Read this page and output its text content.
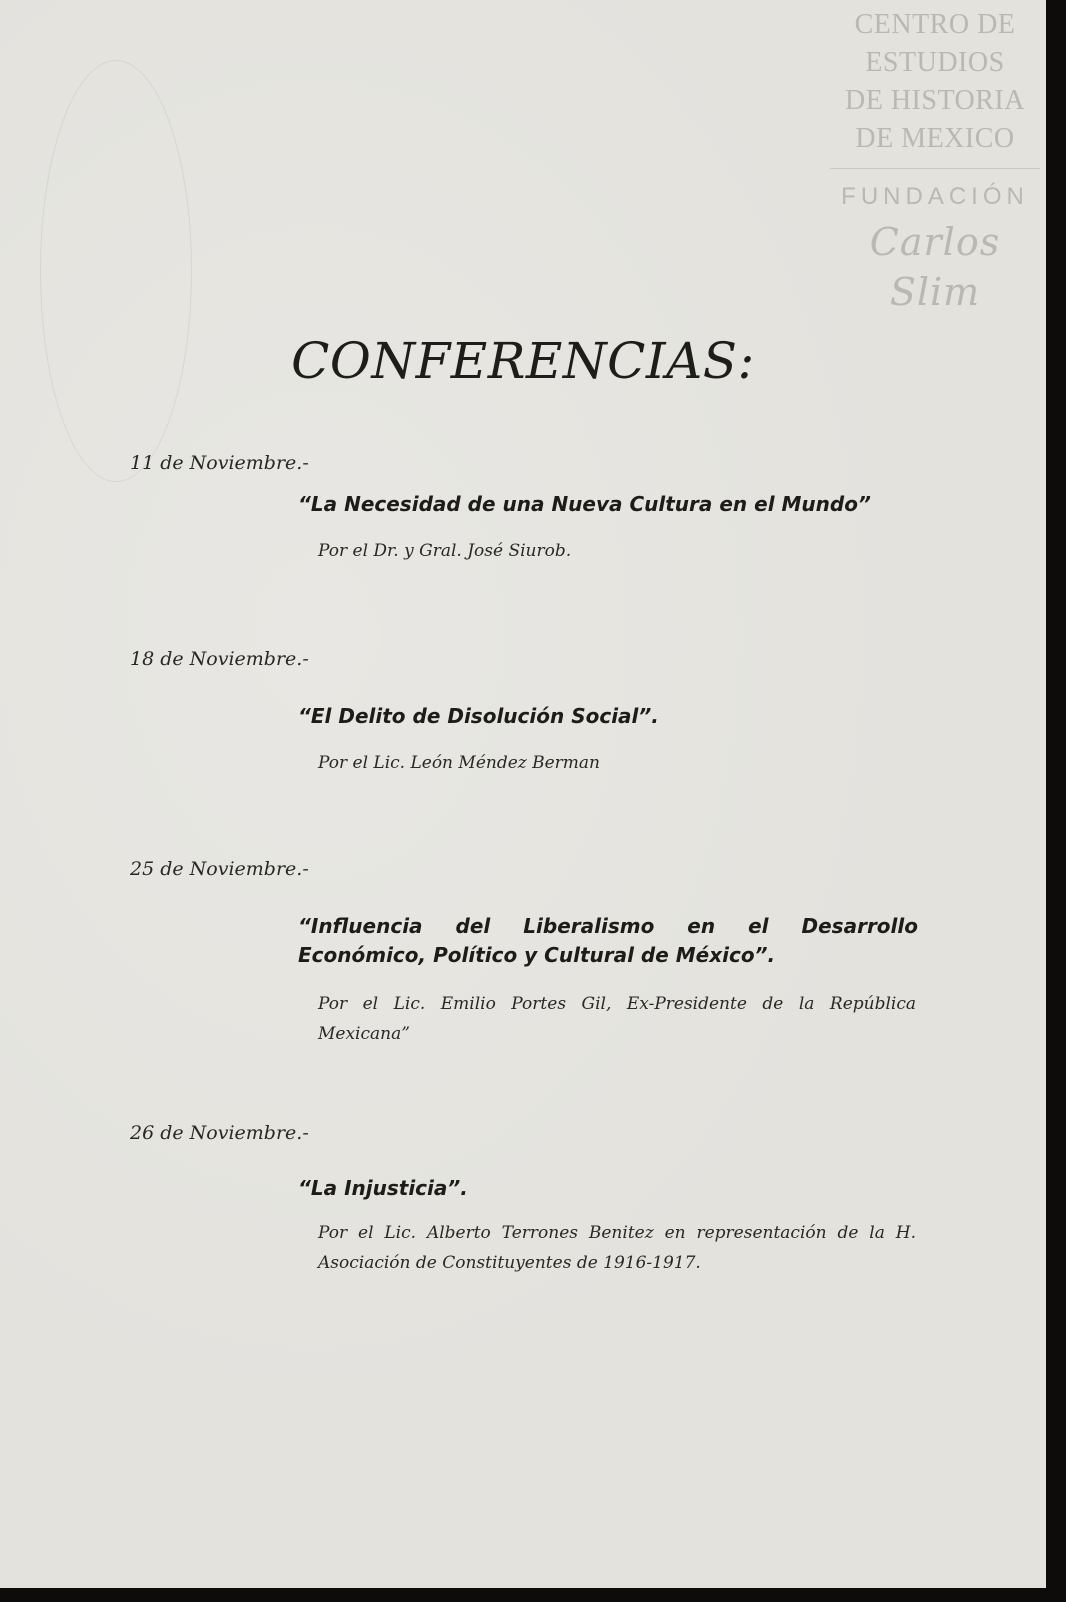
CENTRO DE
ESTUDIOS
DE HISTORIA
DE MEXICO
FUNDACIÓN
Carlos Slim
CONFERENCIAS:
11 de Noviembre.-
“La Necesidad de una Nueva Cultura en el Mundo”
Por el Dr. y Gral. José Siurob.
18 de Noviembre.-
“El Delito de Disolución Social”.
Por el Lic. León Méndez Berman
25 de Noviembre.-
“Influencia del Liberalismo en el Desarrollo Económico, Político y Cultural de México”.
Por el Lic. Emilio Portes Gil, Ex-Presidente de la República Mexicana”
26 de Noviembre.-
“La Injusticia”.
Por el Lic. Alberto Terrones Benitez en representación de la H. Asociación de Constituyentes de 1916-1917.
